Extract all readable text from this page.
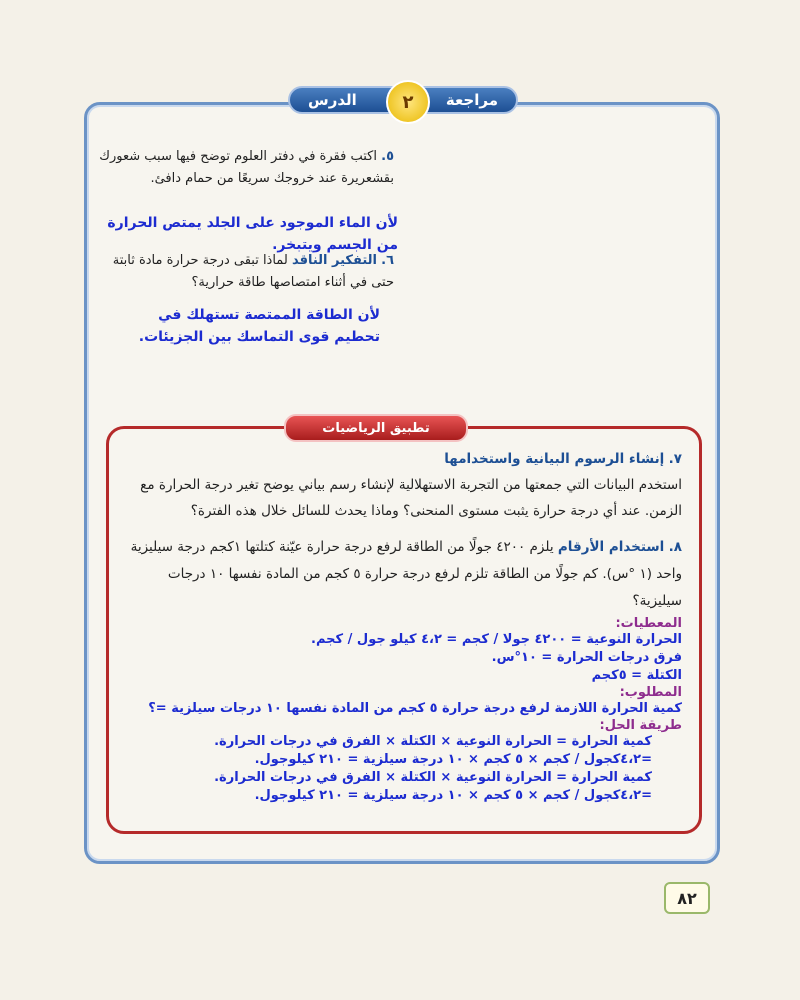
الدرس	مراجعة
٢
٥. اكتب فقرة في دفتر العلوم توضح فيها سبب شعورك بقشعريرة عند خروجك سريعًا من حمام دافئ.
لأن الماء الموجود على الجلد يمتص الحرارة من الجسم ويتبخر.
٦. التفكير الناقد لماذا تبقى درجة حرارة مادة ثابتة حتى في أثناء امتصاصها طاقة حرارية؟
لأن الطاقة الممتصة تستهلك في تحطيم قوى التماسك بين الجزيئات.
تطبيق الرياضيات
٧. إنشاء الرسوم البيانية واستخدامها
استخدم البيانات التي جمعتها من التجربة الاستهلالية لإنشاء رسم بياني يوضح تغير درجة الحرارة مع الزمن. عند أي درجة حرارة يثبت مستوى المنحنى؟ وماذا يحدث للسائل خلال هذه الفترة؟
٨. استخدام الأرقام يلزم ٤٢٠٠ جولًا من الطاقة لرفع درجة حرارة عيّنة كتلتها ١كجم درجة سيليزية واحد (١ °س). كم جولًا من الطاقة تلزم لرفع درجة حرارة ٥ كجم من المادة نفسها ١٠ درجات سيليزية؟
المعطيات:
الحرارة النوعية = ٤٢٠٠ جولا / كجم = ٤،٢ كيلو جول / كجم.
فرق درجات الحرارة = ١٠°س.
الكتلة = ٥كجم
المطلوب:
كمية الحرارة اللازمة لرفع درجة حرارة ٥ كجم من المادة نفسها ١٠ درجات سيلزية =؟
طريقة الحل:
كمية الحرارة = الحرارة النوعية × الكتلة × الفرق في درجات الحرارة.
=٤،٢كجول / كجم × ٥ كجم × ١٠ درجة سيلزية = ٢١٠ كيلوجول.
كمية الحرارة = الحرارة النوعية × الكتلة × الفرق في درجات الحرارة.
=٤،٢كجول / كجم × ٥ كجم × ١٠ درجة سيلزية = ٢١٠ كيلوجول.
٨٢
